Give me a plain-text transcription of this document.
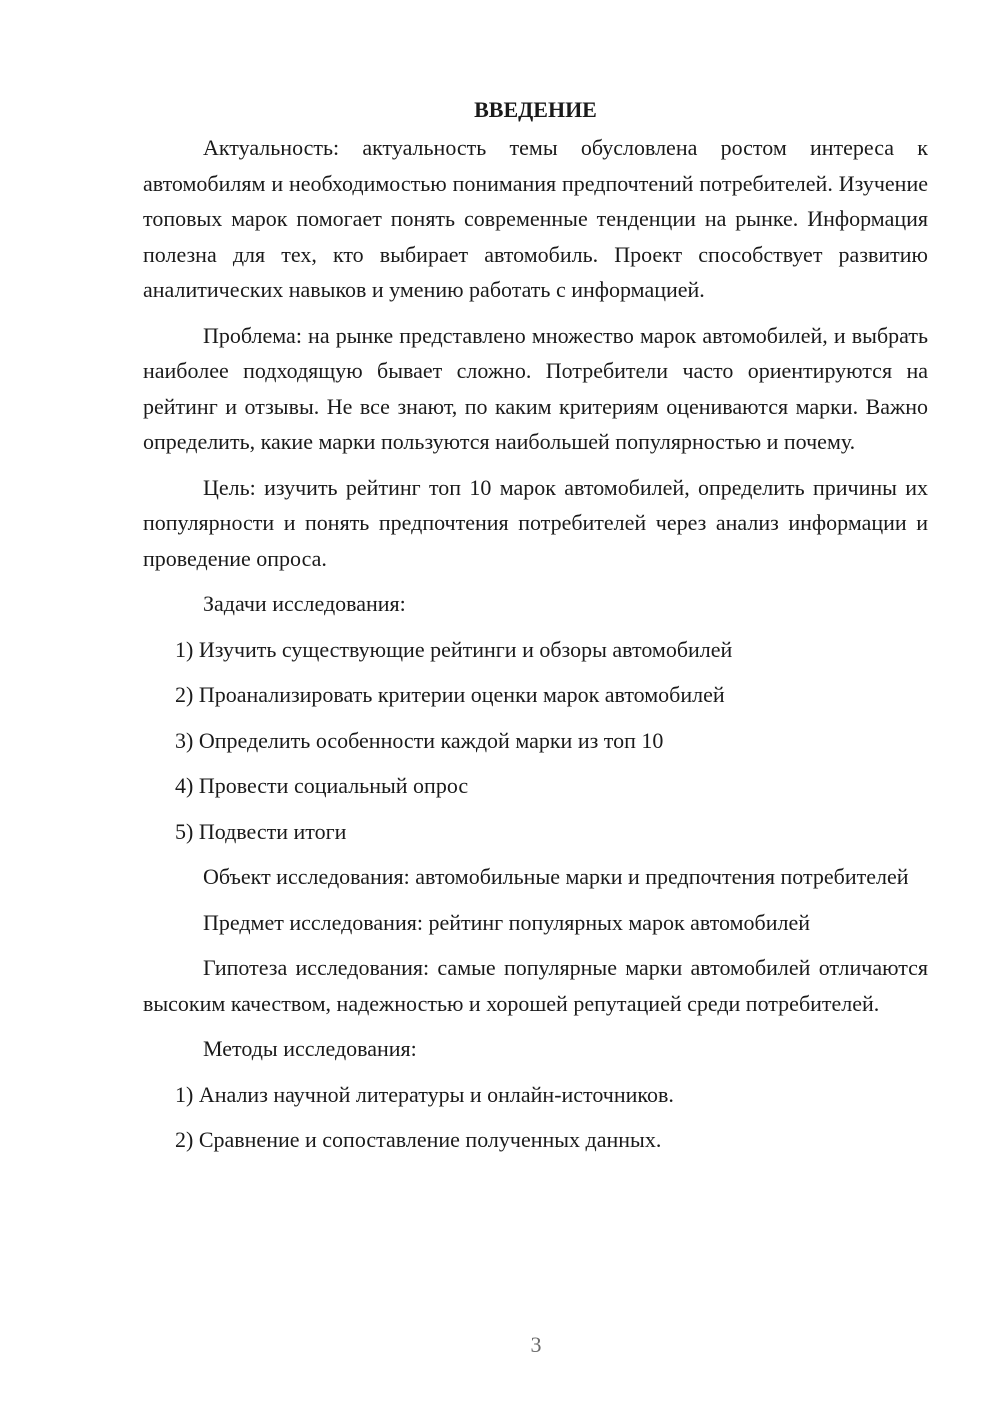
ВВЕДЕНИЕ

Актуальность: актуальность темы обусловлена ростом интереса к автомобилям и необходимостью понимания предпочтений потребителей. Изучение топовых марок помогает понять современные тенденции на рынке. Информация полезна для тех, кто выбирает автомобиль. Проект способствует развитию аналитических навыков и умению работать с информацией.

Проблема: на рынке представлено множество марок автомобилей, и выбрать наиболее подходящую бывает сложно. Потребители часто ориентируются на рейтинг и отзывы. Не все знают, по каким критериям оцениваются марки. Важно определить, какие марки пользуются наибольшей популярностью и почему.

Цель: изучить рейтинг топ 10 марок автомобилей, определить причины их популярности и понять предпочтения потребителей через анализ информации и проведение опроса.

Задачи исследования:

1) Изучить существующие рейтинги и обзоры автомобилей
2) Проанализировать критерии оценки марок автомобилей
3) Определить особенности каждой марки из топ 10
4) Провести социальный опрос
5) Подвести итоги

Объект исследования: автомобильные марки и предпочтения потребителей

Предмет исследования: рейтинг популярных марок автомобилей

Гипотеза исследования: самые популярные марки автомобилей отличаются высоким качеством, надежностью и хорошей репутацией среди потребителей.

Методы исследования:

1) Анализ научной литературы и онлайн-источников.
2) Сравнение и сопоставление полученных данных.
3
